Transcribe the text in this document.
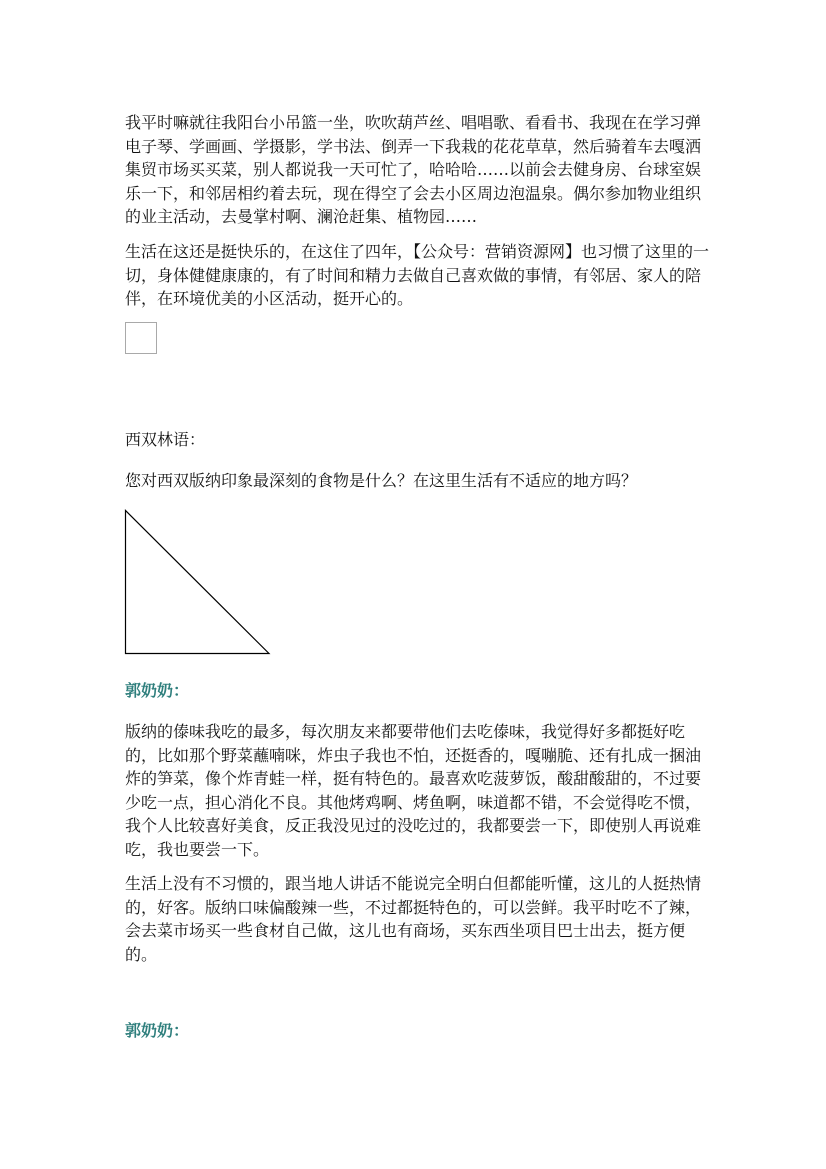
我平时嘛就往我阳台小吊篮一坐，吹吹葫芦丝、唱唱歌、看看书、我现在在学习弹电子琴、学画画、学摄影，学书法、倒弄一下我栽的花花草草，然后骑着车去嘎洒集贸市场买买菜，别人都说我一天可忙了，哈哈哈……以前会去健身房、台球室娱乐一下，和邻居相约着去玩，现在得空了会去小区周边泡温泉。偶尔参加物业组织的业主活动，去曼掌村啊、澜沧赶集、植物园……

生活在这还是挺快乐的，在这住了四年，【公众号：营销资源网】也习惯了这里的一切，身体健健康康的，有了时间和精力去做自己喜欢做的事情，有邻居、家人的陪伴，在环境优美的小区活动，挺开心的。

西双林语：

您对西双版纳印象最深刻的食物是什么？在这里生活有不适应的地方吗？

郭奶奶：

版纳的傣味我吃的最多，每次朋友来都要带他们去吃傣味，我觉得好多都挺好吃的，比如那个野菜蘸喃咪，炸虫子我也不怕，还挺香的，嘎嘣脆、还有扎成一捆油炸的笋菜，像个炸青蛙一样，挺有特色的。最喜欢吃菠萝饭，酸甜酸甜的，不过要少吃一点，担心消化不良。其他烤鸡啊、烤鱼啊，味道都不错，不会觉得吃不惯，我个人比较喜好美食，反正我没见过的没吃过的，我都要尝一下，即使别人再说难吃，我也要尝一下。

生活上没有不习惯的，跟当地人讲话不能说完全明白但都能听懂，这儿的人挺热情的，好客。版纳口味偏酸辣一些，不过都挺特色的，可以尝鲜。我平时吃不了辣，会去菜市场买一些食材自己做，这儿也有商场，买东西坐项目巴士出去，挺方便的。

郭奶奶：
